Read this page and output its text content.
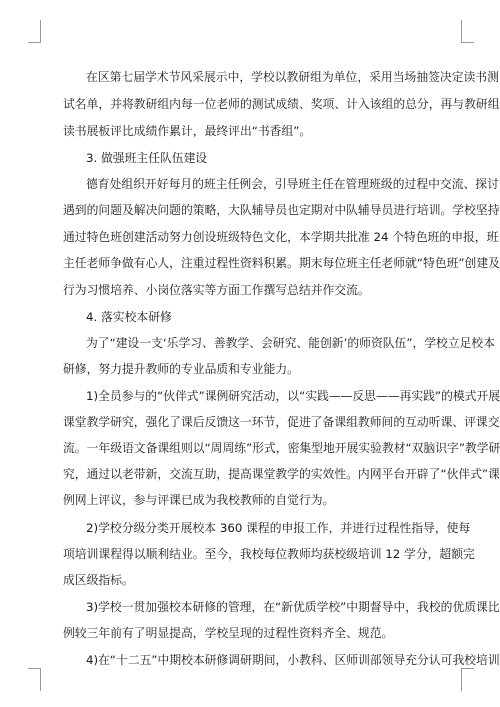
在区第七届学术节风采展示中，学校以教研组为单位，采用当场抽签决定读书测
试名单，并将教研组内每一位老师的测试成绩、奖项、计入该组的总分，再与教研组
读书展板评比成绩作累计，最终评出“书香组”。
3. 做强班主任队伍建设
德育处组织开好每月的班主任例会，引导班主任在管理班级的过程中交流、探讨
遇到的问题及解决问题的策略，大队辅导员也定期对中队辅导员进行培训。学校坚持
通过特色班创建活动努力创设班级特色文化，本学期共批准 24 个特色班的申报，班
主任老师争做有心人，注重过程性资料积累。期末每位班主任老师就“特色班”创建及
行为习惯培养、小岗位落实等方面工作撰写总结并作交流。
4. 落实校本研修
为了“建设一支‘乐学习、善教学、会研究、能创新’的师资队伍”，学校立足校本
研修，努力提升教师的专业品质和专业能力。
1)全员参与的“伙伴式”课例研究活动，以“实践——反思——再实践”的模式开展
课堂教学研究，强化了课后反馈这一环节，促进了备课组教师间的互动听课、评课交
流。一年级语文备课组则以“周周练”形式，密集型地开展实验教材“双脑识字”教学研
究，通过以老带新，交流互助，提高课堂教学的实效性。内网平台开辟了“伙伴式”课
例网上评议，参与评课已成为我校教师的自觉行为。
2)学校分级分类开展校本 360 课程的申报工作，并进行过程性指导，使每
项培训课程得以顺利结业。至今，我校每位教师均获校级培训 12 学分，超额完
成区级指标。
3)学校一贯加强校本研修的管理，在“新优质学校”中期督导中，我校的优质课比
例较三年前有了明显提高，学校呈现的过程性资料齐全、规范。
4)在“十二五”中期校本研修调研期间，小教科、区师训部领导充分认可我校培训
